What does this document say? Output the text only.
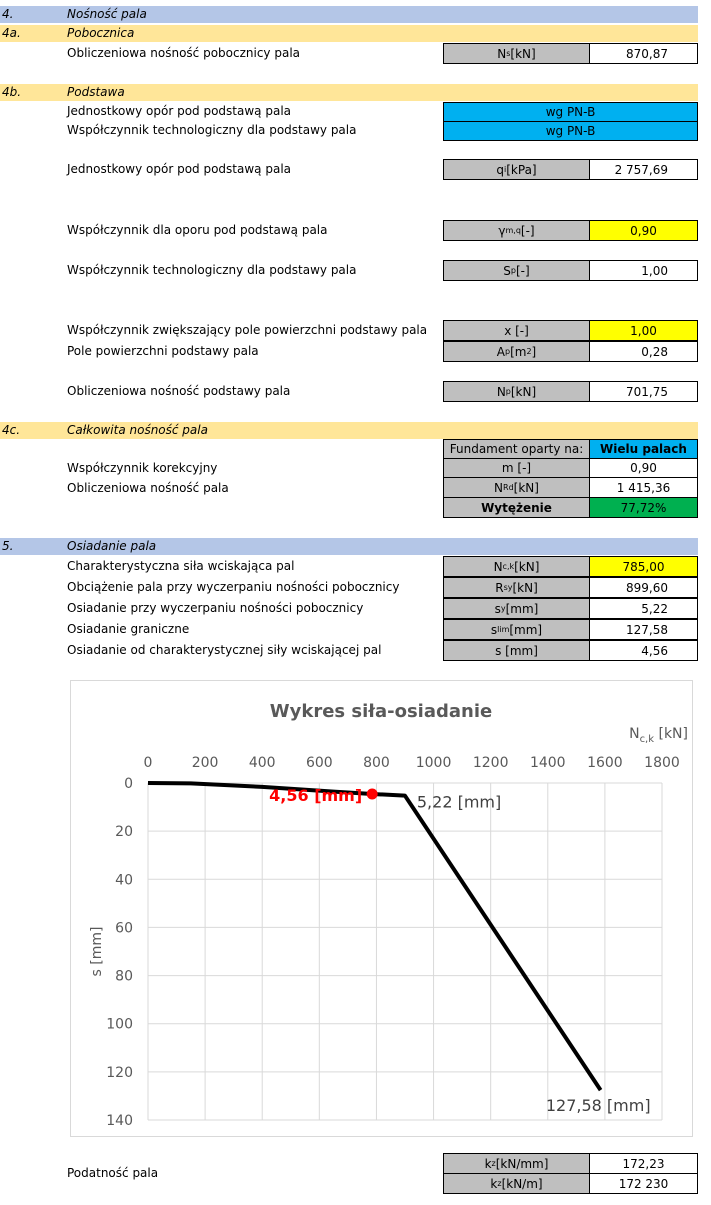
4.	Nośność pala
4a.	Pobocznica
Obliczeniowa nośność pobocznicy pala	N s [kN]	870,87
4b.	Podstawa
Jednostkowy opór pod podstawą pala	wg PN-B
Współczynnik technologiczny dla podstawy pala	wg PN-B
Jednostkowy opór pod podstawą pala	q i [kPa]	2 757,69
Współczynnik dla oporu pod podstawą pala	γ m,q [-]	0,90
Współczynnik technologiczny dla podstawy pala	S p [-]	1,00
Współczynnik zwiększający pole powierzchni podstawy pala	x [-]	1,00
Pole powierzchni podstawy pala	A p [m 2 ]	0,28
Obliczeniowa nośność podstawy pala	N p [kN]	701,75
4c.	Całkowita nośność pala
Fundament oparty na:	Wielu palach
Współczynnik korekcyjny	m [-]	0,90
Obliczeniowa nośność pala	N Rd [kN]	1 415,36
Wytężenie	77,72%
5.	Osiadanie pala
Charakterystyczna siła wciskająca pal	N c,k [kN]	785,00
Obciążenie pala przy wyczerpaniu nośności pobocznicy	R sy [kN]	899,60
Osiadanie przy wyczerpaniu nośności pobocznicy	s y [mm]	5,22
Osiadanie graniczne	s lim [mm]	127,58
Osiadanie od charakterystycznej siły wciskającej pal	s [mm]	4,56
Wykres siła-osiadanie
$N_{c,k}$ [kN]
0	200 400 600 800 1000 1200 1400 1600 1800
0
20
40
60
80
100
120
140
s [mm]
4,56 [mm]	5,22 [mm]
127,58 [mm]
Podatność pala
k z [kN/mm]	172,23
k z [kN/m]	172 230
